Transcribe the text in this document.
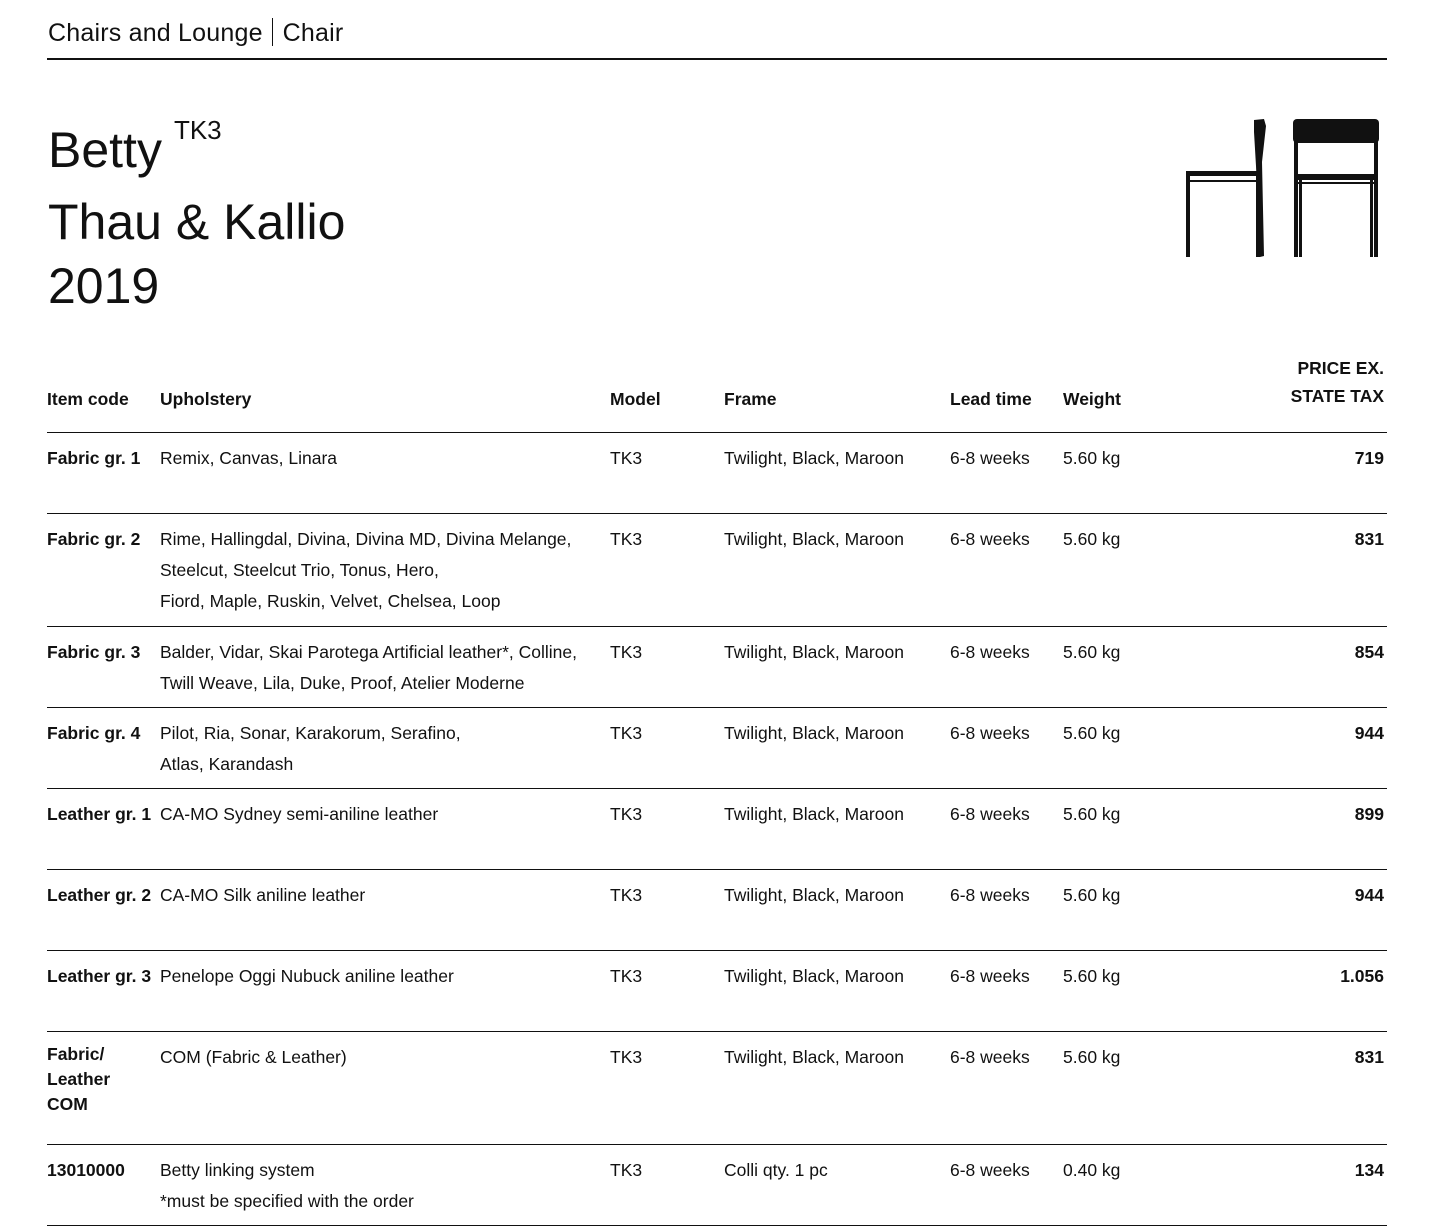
Chairs and Lounge Chair
Betty $^{TK3}$
Thau & Kallio
2019
Item code	Upholstery	Model	Frame	Lead time	Weight	PRICE EX.
STATE TAX
Fabric gr. 1	Remix, Canvas, Linara	TK3	Twilight, Black, Maroon	6-8 weeks	5.60 kg	719
Fabric gr. 2	Rime, Hallingdal, Divina, Divina MD, Divina Melange,
Steelcut, Steelcut Trio, Tonus, Hero,
Fiord, Maple, Ruskin, Velvet, Chelsea, Loop	TK3	Twilight, Black, Maroon	6-8 weeks	5.60 kg	831
Fabric gr. 3	Balder, Vidar, Skai Parotega Artificial leather*, Colline,
Twill Weave, Lila, Duke, Proof, Atelier Moderne	TK3	Twilight, Black, Maroon	6-8 weeks	5.60 kg	854
Fabric gr. 4	Pilot, Ria, Sonar, Karakorum, Serafino,
Atlas, Karandash	TK3	Twilight, Black, Maroon	6-8 weeks	5.60 kg	944
Leather gr. 1	CA-MO Sydney semi-aniline leather	TK3	Twilight, Black, Maroon	6-8 weeks	5.60 kg	899
Leather gr. 2	CA-MO Silk aniline leather	TK3	Twilight, Black, Maroon	6-8 weeks	5.60 kg	944
Leather gr. 3	Penelope Oggi Nubuck aniline leather	TK3	Twilight, Black, Maroon	6-8 weeks	5.60 kg	1.056
Fabric/
Leather
COM	COM (Fabric & Leather)	TK3	Twilight, Black, Maroon	6-8 weeks	5.60 kg	831
13010000	Betty linking system
*must be specified with the order	TK3	Colli qty. 1 pc	6-8 weeks	0.40 kg	134
